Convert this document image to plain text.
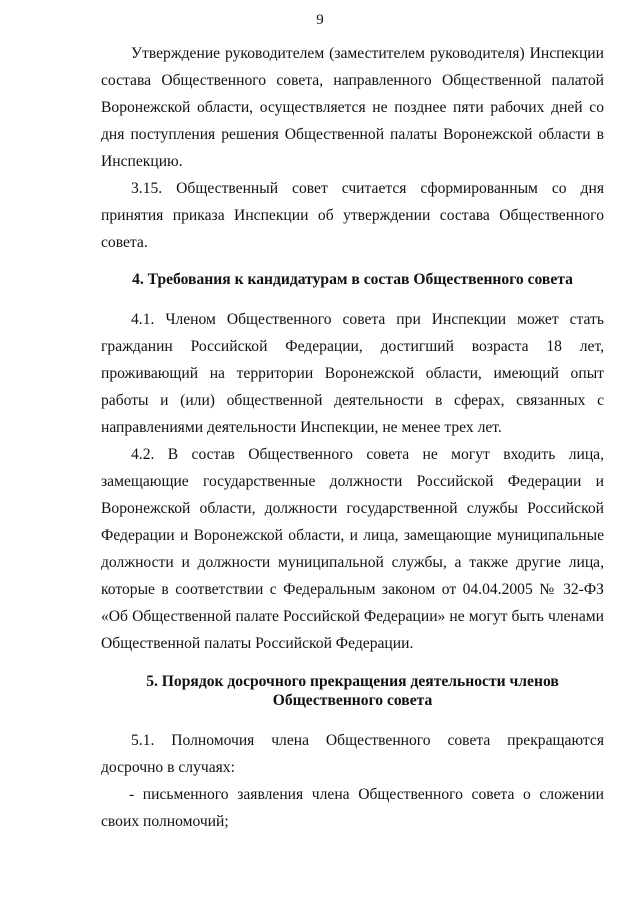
9

Утверждение руководителем (заместителем руководителя) Инспекции состава Общественного совета, направленного Общественной палатой Воронежской области, осуществляется не позднее пяти рабочих дней со дня поступления решения Общественной палаты Воронежской области в Инспекцию.

3.15. Общественный совет считается сформированным со дня принятия приказа Инспекции об утверждении состава Общественного совета.

4. Требования к кандидатурам в состав Общественного совета

4.1. Членом Общественного совета при Инспекции может стать гражданин Российской Федерации, достигший возраста 18 лет, проживающий на территории Воронежской области, имеющий опыт работы и (или) общественной деятельности в сферах, связанных с направлениями деятельности Инспекции, не менее трех лет.

4.2. В состав Общественного совета не могут входить лица, замещающие государственные должности Российской Федерации и Воронежской области, должности государственной службы Российской Федерации и Воронежской области, и лица, замещающие муниципальные должности и должности муниципальной службы, а также другие лица, которые в соответствии с Федеральным законом от 04.04.2005 № 32-ФЗ «Об Общественной палате Российской Федерации» не могут быть членами Общественной палаты Российской Федерации.

5. Порядок досрочного прекращения деятельности членов
Общественного совета

5.1. Полномочия члена Общественного совета прекращаются досрочно в случаях:

- письменного заявления члена Общественного совета о сложении своих полномочий;
